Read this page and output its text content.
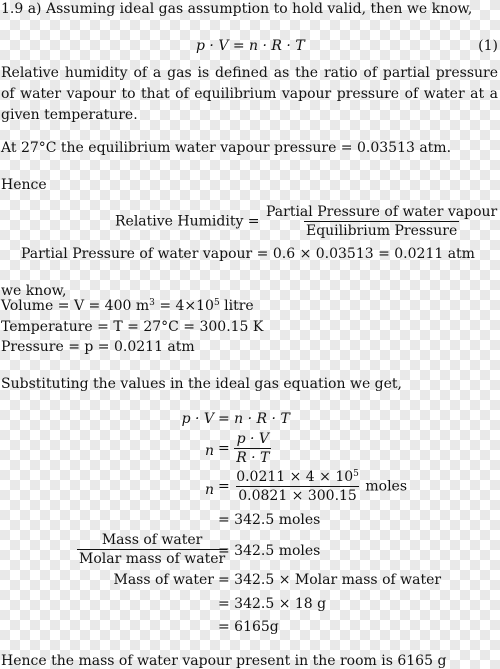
1.9 a) Assuming ideal gas assumption to hold valid, then we know,
p · V = n · R · T	(1)
Relative humidity of a gas is defined as the ratio of partial pressure of water vapour to that of equilibrium vapour pressure of water at a given temperature.
At 27°C the equilibrium water vapour pressure = 0.03513 atm.
Hence
Relative Humidity = $\frac{\text{Partial Pressure of water vapour}}{\text{Equilibrium Pressure}}$
Partial Pressure of water vapour = 0.6 × 0.03513 = 0.0211 atm
we know,
Volume = V = 400 $m^3 = 4\times 10^5$ litre
Temperature = T = 27°C = 300.15 K
Pressure = p = 0.0211 atm
Substituting the values in the ideal gas equation we get,
p · V = n · R · T
$n = \frac{p \cdot V}{R \cdot T}$
$n = \frac{0.0211 \times 4 \times 10^5}{0.0821 \times 300.15}$ moles
= 342.5 moles
$\frac{\text{Mass of water}}{\text{Molar mass of water}}$
= 342.5 moles
Mass of water = 342.5 × Molar mass of water
= 342.5 × 18 g
= 6165g
Hence the mass of water vapour present in the room is 6165 g
